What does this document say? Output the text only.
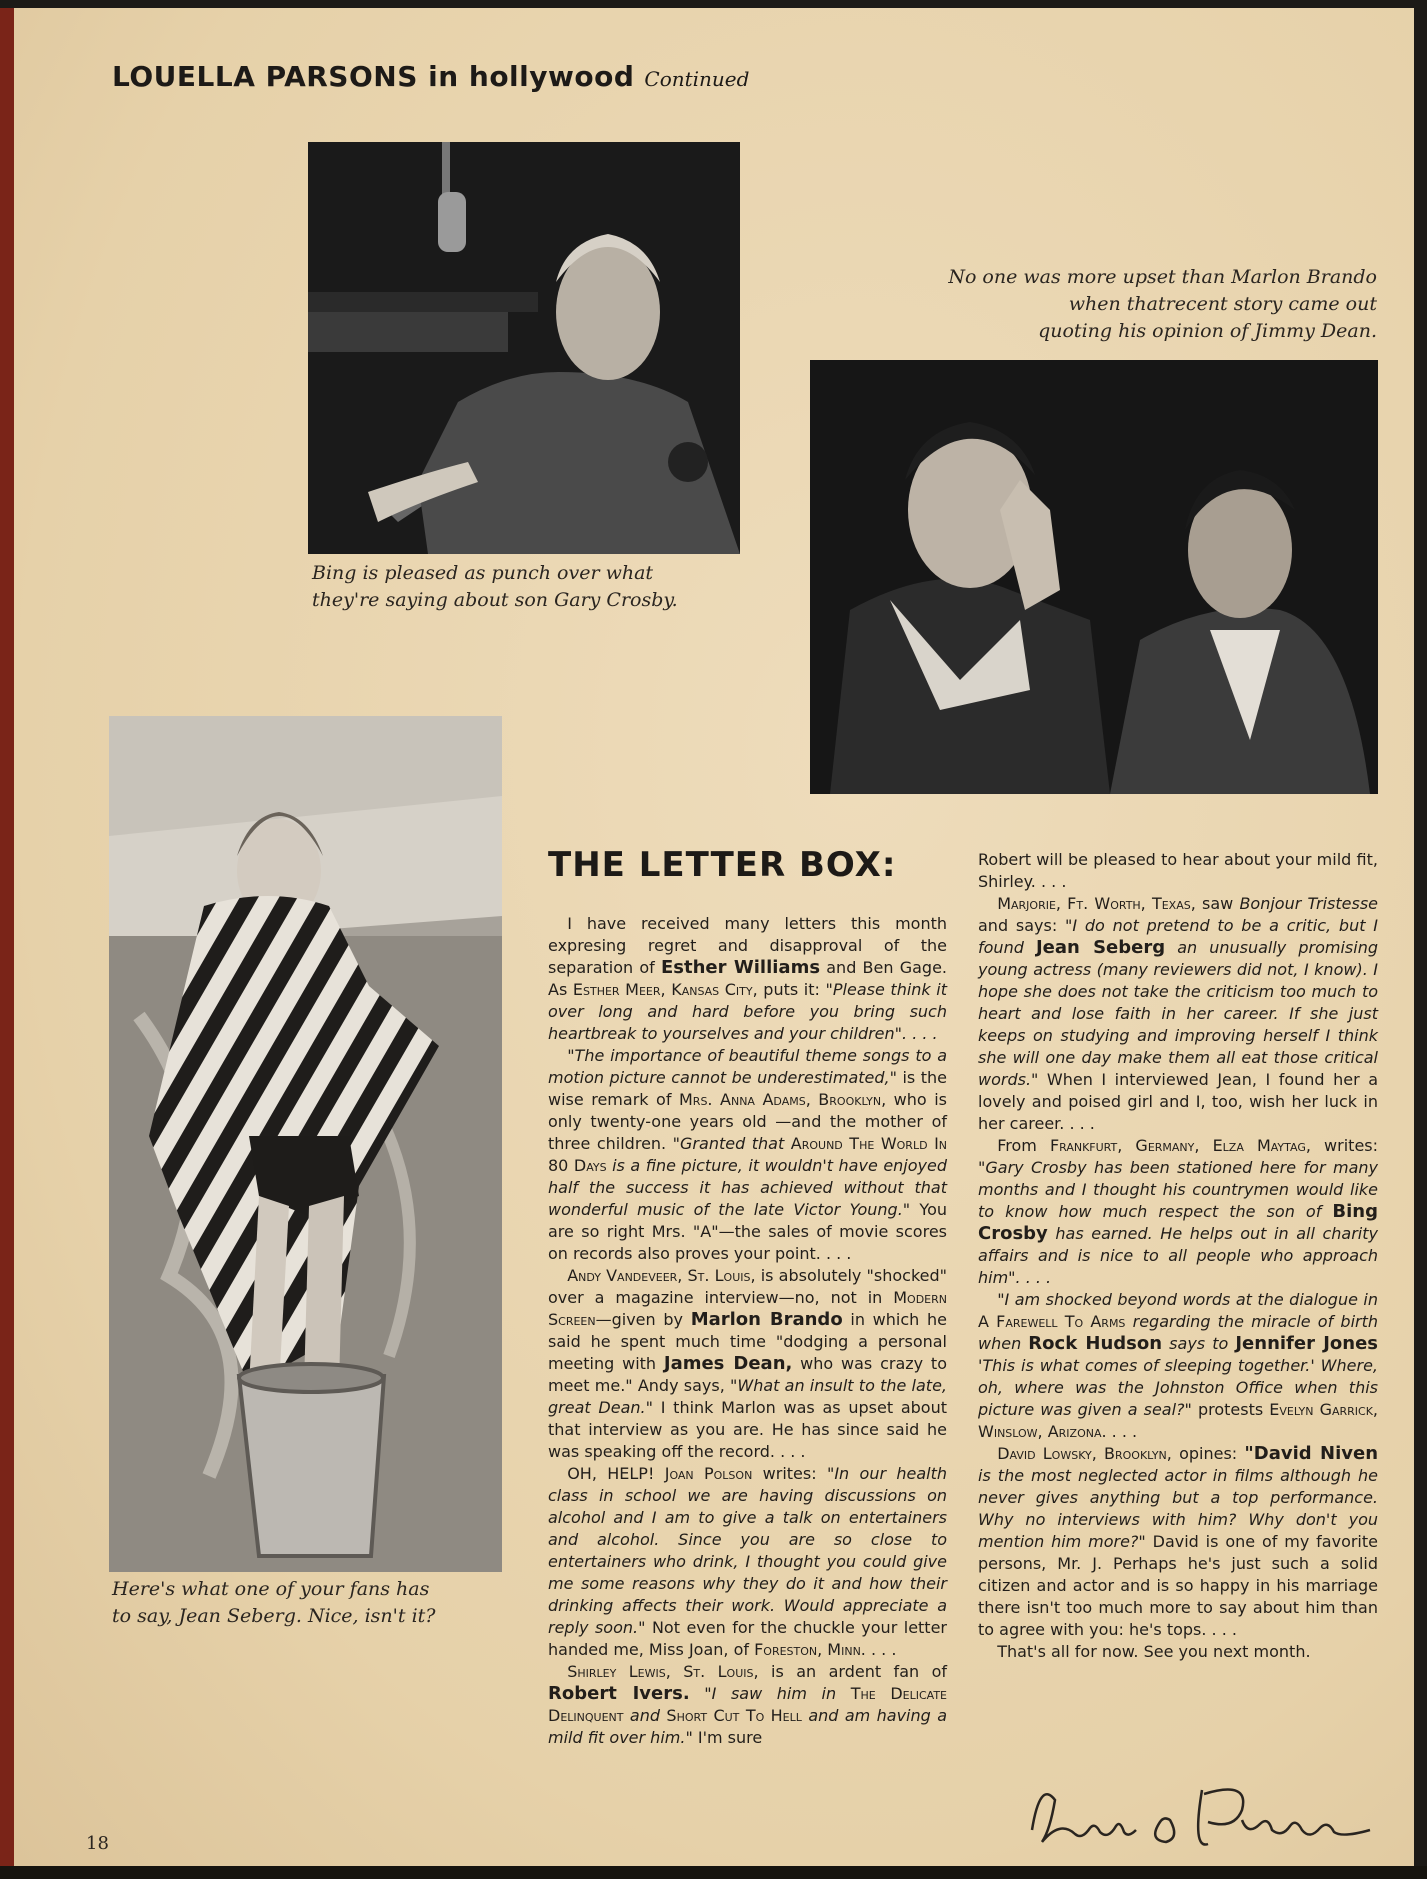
LOUELLA PARSONS in hollywood Continued
Bing is pleased as punch over what
they're saying about son Gary Crosby.
No one was more upset than Marlon Brando
when thatrecent story came out
quoting his opinion of Jimmy Dean.
Here's what one of your fans has
to say, Jean Seberg. Nice, isn't it?
THE LETTER BOX:

I have received many letters this month expresing regret and disapproval of the separation of Esther Williams and Ben Gage. As Esther Meer, Kansas City, puts it: "Please think it over long and hard before you bring such heartbreak to yourselves and your children". . . .

"The importance of beautiful theme songs to a motion picture cannot be underestimated," is the wise remark of Mrs. Anna Adams, Brooklyn, who is only twenty-one years old —and the mother of three children. "Granted that Around The World In 80 Days is a fine picture, it wouldn't have enjoyed half the success it has achieved without that wonderful music of the late Victor Young." You are so right Mrs. "A"—the sales of movie scores on records also proves your point. . . .

Andy Vandeveer, St. Louis, is absolutely "shocked" over a magazine interview—no, not in Modern Screen—given by Marlon Brando in which he said he spent much time "dodging a personal meeting with James Dean, who was crazy to meet me." Andy says, "What an insult to the late, great Dean." I think Marlon was as upset about that interview as you are. He has since said he was speaking off the record. . . .

OH, HELP! Joan Polson writes: "In our health class in school we are having discussions on alcohol and I am to give a talk on entertainers and alcohol. Since you are so close to entertainers who drink, I thought you could give me some reasons why they do it and how their drinking affects their work. Would appreciate a reply soon." Not even for the chuckle your letter handed me, Miss Joan, of Foreston, Minn. . . .

Shirley Lewis, St. Louis, is an ardent fan of Robert Ivers. "I saw him in The Delicate Delinquent and Short Cut To Hell and am having a mild fit over him." I'm sure

Robert will be pleased to hear about your mild fit, Shirley. . . .

Marjorie, Ft. Worth, Texas, saw Bonjour Tristesse and says: "I do not pretend to be a critic, but I found Jean Seberg an unusually promising young actress (many reviewers did not, I know). I hope she does not take the criticism too much to heart and lose faith in her career. If she just keeps on studying and improving herself I think she will one day make them all eat those critical words." When I interviewed Jean, I found her a lovely and poised girl and I, too, wish her luck in her career. . . .

From Frankfurt, Germany, Elza Maytag, writes: "Gary Crosby has been stationed here for many months and I thought his countrymen would like to know how much respect the son of Bing Crosby has earned. He helps out in all charity affairs and is nice to all people who approach him". . . .

"I am shocked beyond words at the dialogue in A Farewell To Arms regarding the miracle of birth when Rock Hudson says to Jennifer Jones 'This is what comes of sleeping together.' Where, oh, where was the Johnston Office when this picture was given a seal?" protests Evelyn Garrick, Winslow, Arizona. . . .

David Lowsky, Brooklyn, opines: "David Niven is the most neglected actor in films although he never gives anything but a top performance. Why no interviews with him? Why don't you mention him more?" David is one of my favorite persons, Mr. J. Perhaps he's just such a solid citizen and actor and is so happy in his marriage there isn't too much more to say about him than to agree with you: he's tops. . . .

That's all for now. See you next month.

18
